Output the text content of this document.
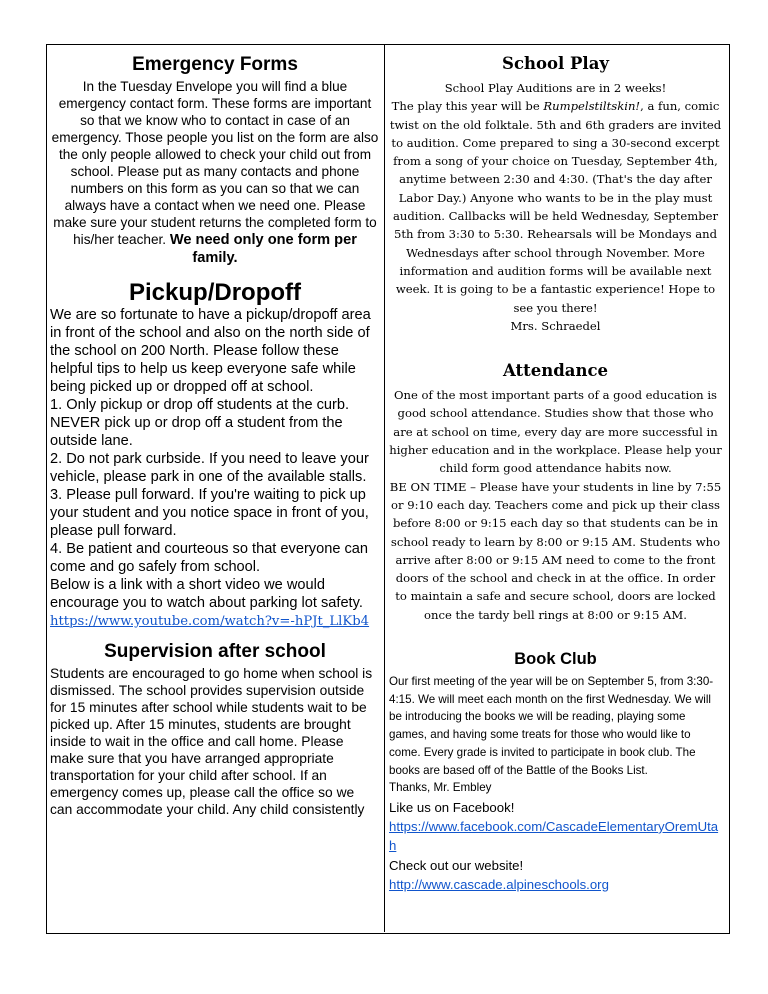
Emergency Forms

In the Tuesday Envelope you will find a blue emergency contact form. These forms are important so that we know who to contact in case of an emergency. Those people you list on the form are also the only people allowed to check your child out from school. Please put as many contacts and phone numbers on this form as you can so that we can always have a contact when we need one. Please make sure your student returns the completed form to his/her teacher. We need only one form per family.

Pickup/Dropoff

We are so fortunate to have a pickup/dropoff area in front of the school and also on the north side of the school on 200 North. Please follow these helpful tips to help us keep everyone safe while being picked up or dropped off at school.

1. Only pickup or drop off students at the curb. NEVER pick up or drop off a student from the outside lane.

2. Do not park curbside. If you need to leave your vehicle, please park in one of the available stalls.

3. Please pull forward. If you're waiting to pick up your student and you notice space in front of you, please pull forward.

4. Be patient and courteous so that everyone can come and go safely from school.

Below is a link with a short video we would encourage you to watch about parking lot safety.

https://www.youtube.com/watch?v=-hPJt_LlKb4
Supervision after school

Students are encouraged to go home when school is dismissed. The school provides supervision outside for 15 minutes after school while students wait to be picked up. After 15 minutes, students are brought inside to wait in the office and call home. Please make sure that you have arranged appropriate transportation for your child after school. If an emergency comes up, please call the office so we can accommodate your child. Any child consistently

School Play

School Play Auditions are in 2 weeks!

The play this year will be Rumpelstiltskin!, a fun, comic twist on the old folktale. 5th and 6th graders are invited to audition. Come prepared to sing a 30-second excerpt from a song of your choice on Tuesday, September 4th, anytime between 2:30 and 4:30. (That's the day after Labor Day.) Anyone who wants to be in the play must audition. Callbacks will be held Wednesday, September 5th from 3:30 to 5:30. Rehearsals will be Mondays and Wednesdays after school through November. More information and audition forms will be available next week. It is going to be a fantastic experience! Hope to see you there!

Mrs. Schraedel

Attendance

One of the most important parts of a good education is good school attendance. Studies show that those who are at school on time, every day are more successful in higher education and in the workplace. Please help your child form good attendance habits now.

BE ON TIME – Please have your students in line by 7:55 or 9:10 each day. Teachers come and pick up their class before 8:00 or 9:15 each day so that students can be in school ready to learn by 8:00 or 9:15 AM. Students who arrive after 8:00 or 9:15 AM need to come to the front doors of the school and check in at the office. In order to maintain a safe and secure school, doors are locked once the tardy bell rings at 8:00 or 9:15 AM.

Book Club

Our first meeting of the year will be on September 5, from 3:30-4:15. We will meet each month on the first Wednesday. We will be introducing the books we will be reading, playing some games, and having some treats for those who would like to come. Every grade is invited to participate in book club. The books are based off of the Battle of the Books List.

Thanks, Mr. Embley

Like us on Facebook!

https://www.facebook.com/CascadeElementaryOremUtah

Check out our website!

http://www.cascade.alpineschools.org
